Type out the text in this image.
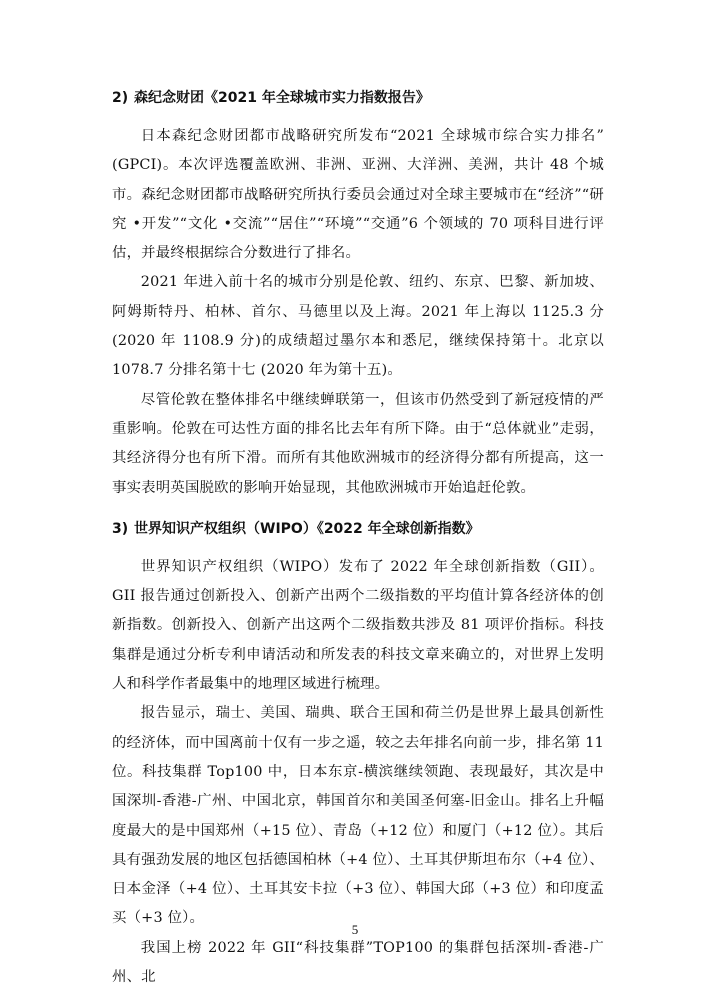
2) 森纪念财团《2021 年全球城市实力指数报告》

日本森纪念财团都市战略研究所发布“2021 全球城市综合实力排名” (GPCI)。本次评选覆盖欧洲、非洲、亚洲、大洋洲、美洲，共计 48 个城市。森纪念财团都市战略研究所执行委员会通过对全球主要城市在“经济”“研究 •开发”“文化 •交流”“居住”“环境”“交通”6 个领域的 70 项科目进行评估，并最终根据综合分数进行了排名。

2021 年进入前十名的城市分别是伦敦、纽约、东京、巴黎、新加坡、阿姆斯特丹、柏林、首尔、马德里以及上海。2021 年上海以 1125.3 分 (2020 年 1108.9 分)的成绩超过墨尔本和悉尼，继续保持第十。北京以 1078.7 分排名第十七 (2020 年为第十五)。

尽管伦敦在整体排名中继续蝉联第一，但该市仍然受到了新冠疫情的严重影响。伦敦在可达性方面的排名比去年有所下降。由于“总体就业”走弱，其经济得分也有所下滑。而所有其他欧洲城市的经济得分都有所提高，这一事实表明英国脱欧的影响开始显现，其他欧洲城市开始追赶伦敦。

3) 世界知识产权组织（WIPO）《2022 年全球创新指数》

世界知识产权组织（WIPO）发布了 2022 年全球创新指数（GII）。GII 报告通过创新投入、创新产出两个二级指数的平均值计算各经济体的创新指数。创新投入、创新产出这两个二级指数共涉及 81 项评价指标。科技集群是通过分析专利申请活动和所发表的科技文章来确立的，对世界上发明人和科学作者最集中的地理区域进行梳理。

报告显示，瑞士、美国、瑞典、联合王国和荷兰仍是世界上最具创新性的经济体，而中国离前十仅有一步之遥，较之去年排名向前一步，排名第 11 位。科技集群 Top100 中，日本东京-横滨继续领跑、表现最好，其次是中国深圳-香港-广州、中国北京，韩国首尔和美国圣何塞-旧金山。排名上升幅度最大的是中国郑州（+15 位）、青岛（+12 位）和厦门（+12 位）。其后具有强劲发展的地区包括德国柏林（+4 位）、土耳其伊斯坦布尔（+4 位）、日本金泽（+4 位）、土耳其安卡拉（+3 位）、韩国大邱（+3 位）和印度孟买（+3 位）。

我国上榜 2022 年 GII“科技集群”TOP100 的集群包括深圳-香港-广州、北

5
